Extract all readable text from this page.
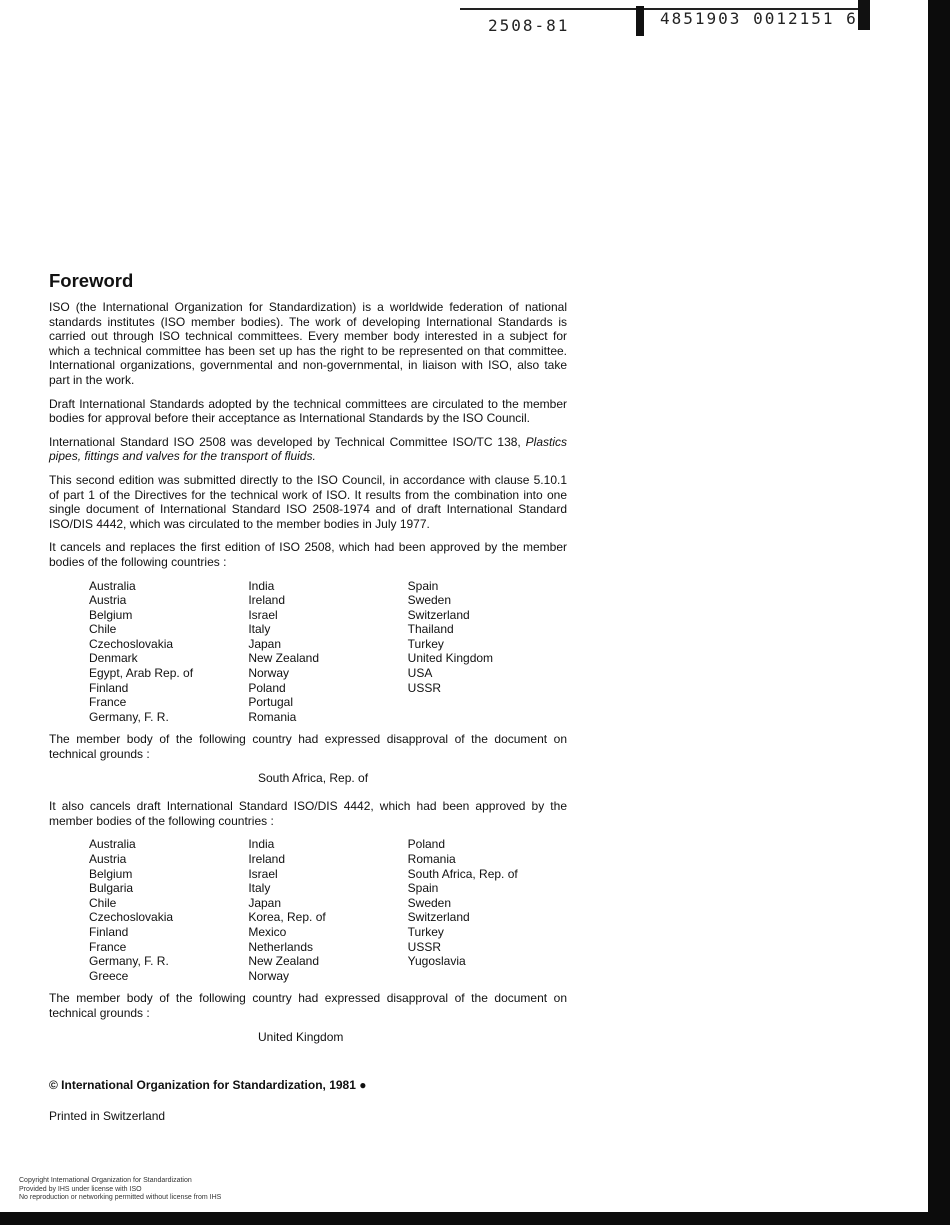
2508-81	4851903 0012151 6
Foreword

ISO (the International Organization for Standardization) is a worldwide federation of national standards institutes (ISO member bodies). The work of developing International Standards is carried out through ISO technical committees. Every member body interested in a subject for which a technical committee has been set up has the right to be represented on that committee. International organizations, governmental and non-governmental, in liaison with ISO, also take part in the work.

Draft International Standards adopted by the technical committees are circulated to the member bodies for approval before their acceptance as International Standards by the ISO Council.

International Standard ISO 2508 was developed by Technical Committee ISO/TC 138, Plastics pipes, fittings and valves for the transport of fluids.

This second edition was submitted directly to the ISO Council, in accordance with clause 5.10.1 of part 1 of the Directives for the technical work of ISO. It results from the combination into one single document of International Standard ISO 2508-1974 and of draft International Standard ISO/DIS 4442, which was circulated to the member bodies in July 1977.

It cancels and replaces the first edition of ISO 2508, which had been approved by the member bodies of the following countries :

Australia
Austria
Belgium
Chile
Czechoslovakia
Denmark
Egypt, Arab Rep. of
Finland
France
Germany, F. R.
India
Ireland
Israel
Italy
Japan
New Zealand
Norway
Poland
Portugal
Romania
Spain
Sweden
Switzerland
Thailand
Turkey
United Kingdom
USA
USSR

The member body of the following country had expressed disapproval of the document on technical grounds :

South Africa, Rep. of

It also cancels draft International Standard ISO/DIS 4442, which had been approved by the member bodies of the following countries :

Australia
Austria
Belgium
Bulgaria
Chile
Czechoslovakia
Finland
France
Germany, F. R.
Greece
India
Ireland
Israel
Italy
Japan
Korea, Rep. of
Mexico
Netherlands
New Zealand
Norway
Poland
Romania
South Africa, Rep. of
Spain
Sweden
Switzerland
Turkey
USSR
Yugoslavia

The member body of the following country had expressed disapproval of the document on technical grounds :

United Kingdom
© International Organization for Standardization, 1981 ●
Printed in Switzerland
Copyright International Organization for Standardization
Provided by IHS under license with ISO
No reproduction or networking permitted without license from IHS
